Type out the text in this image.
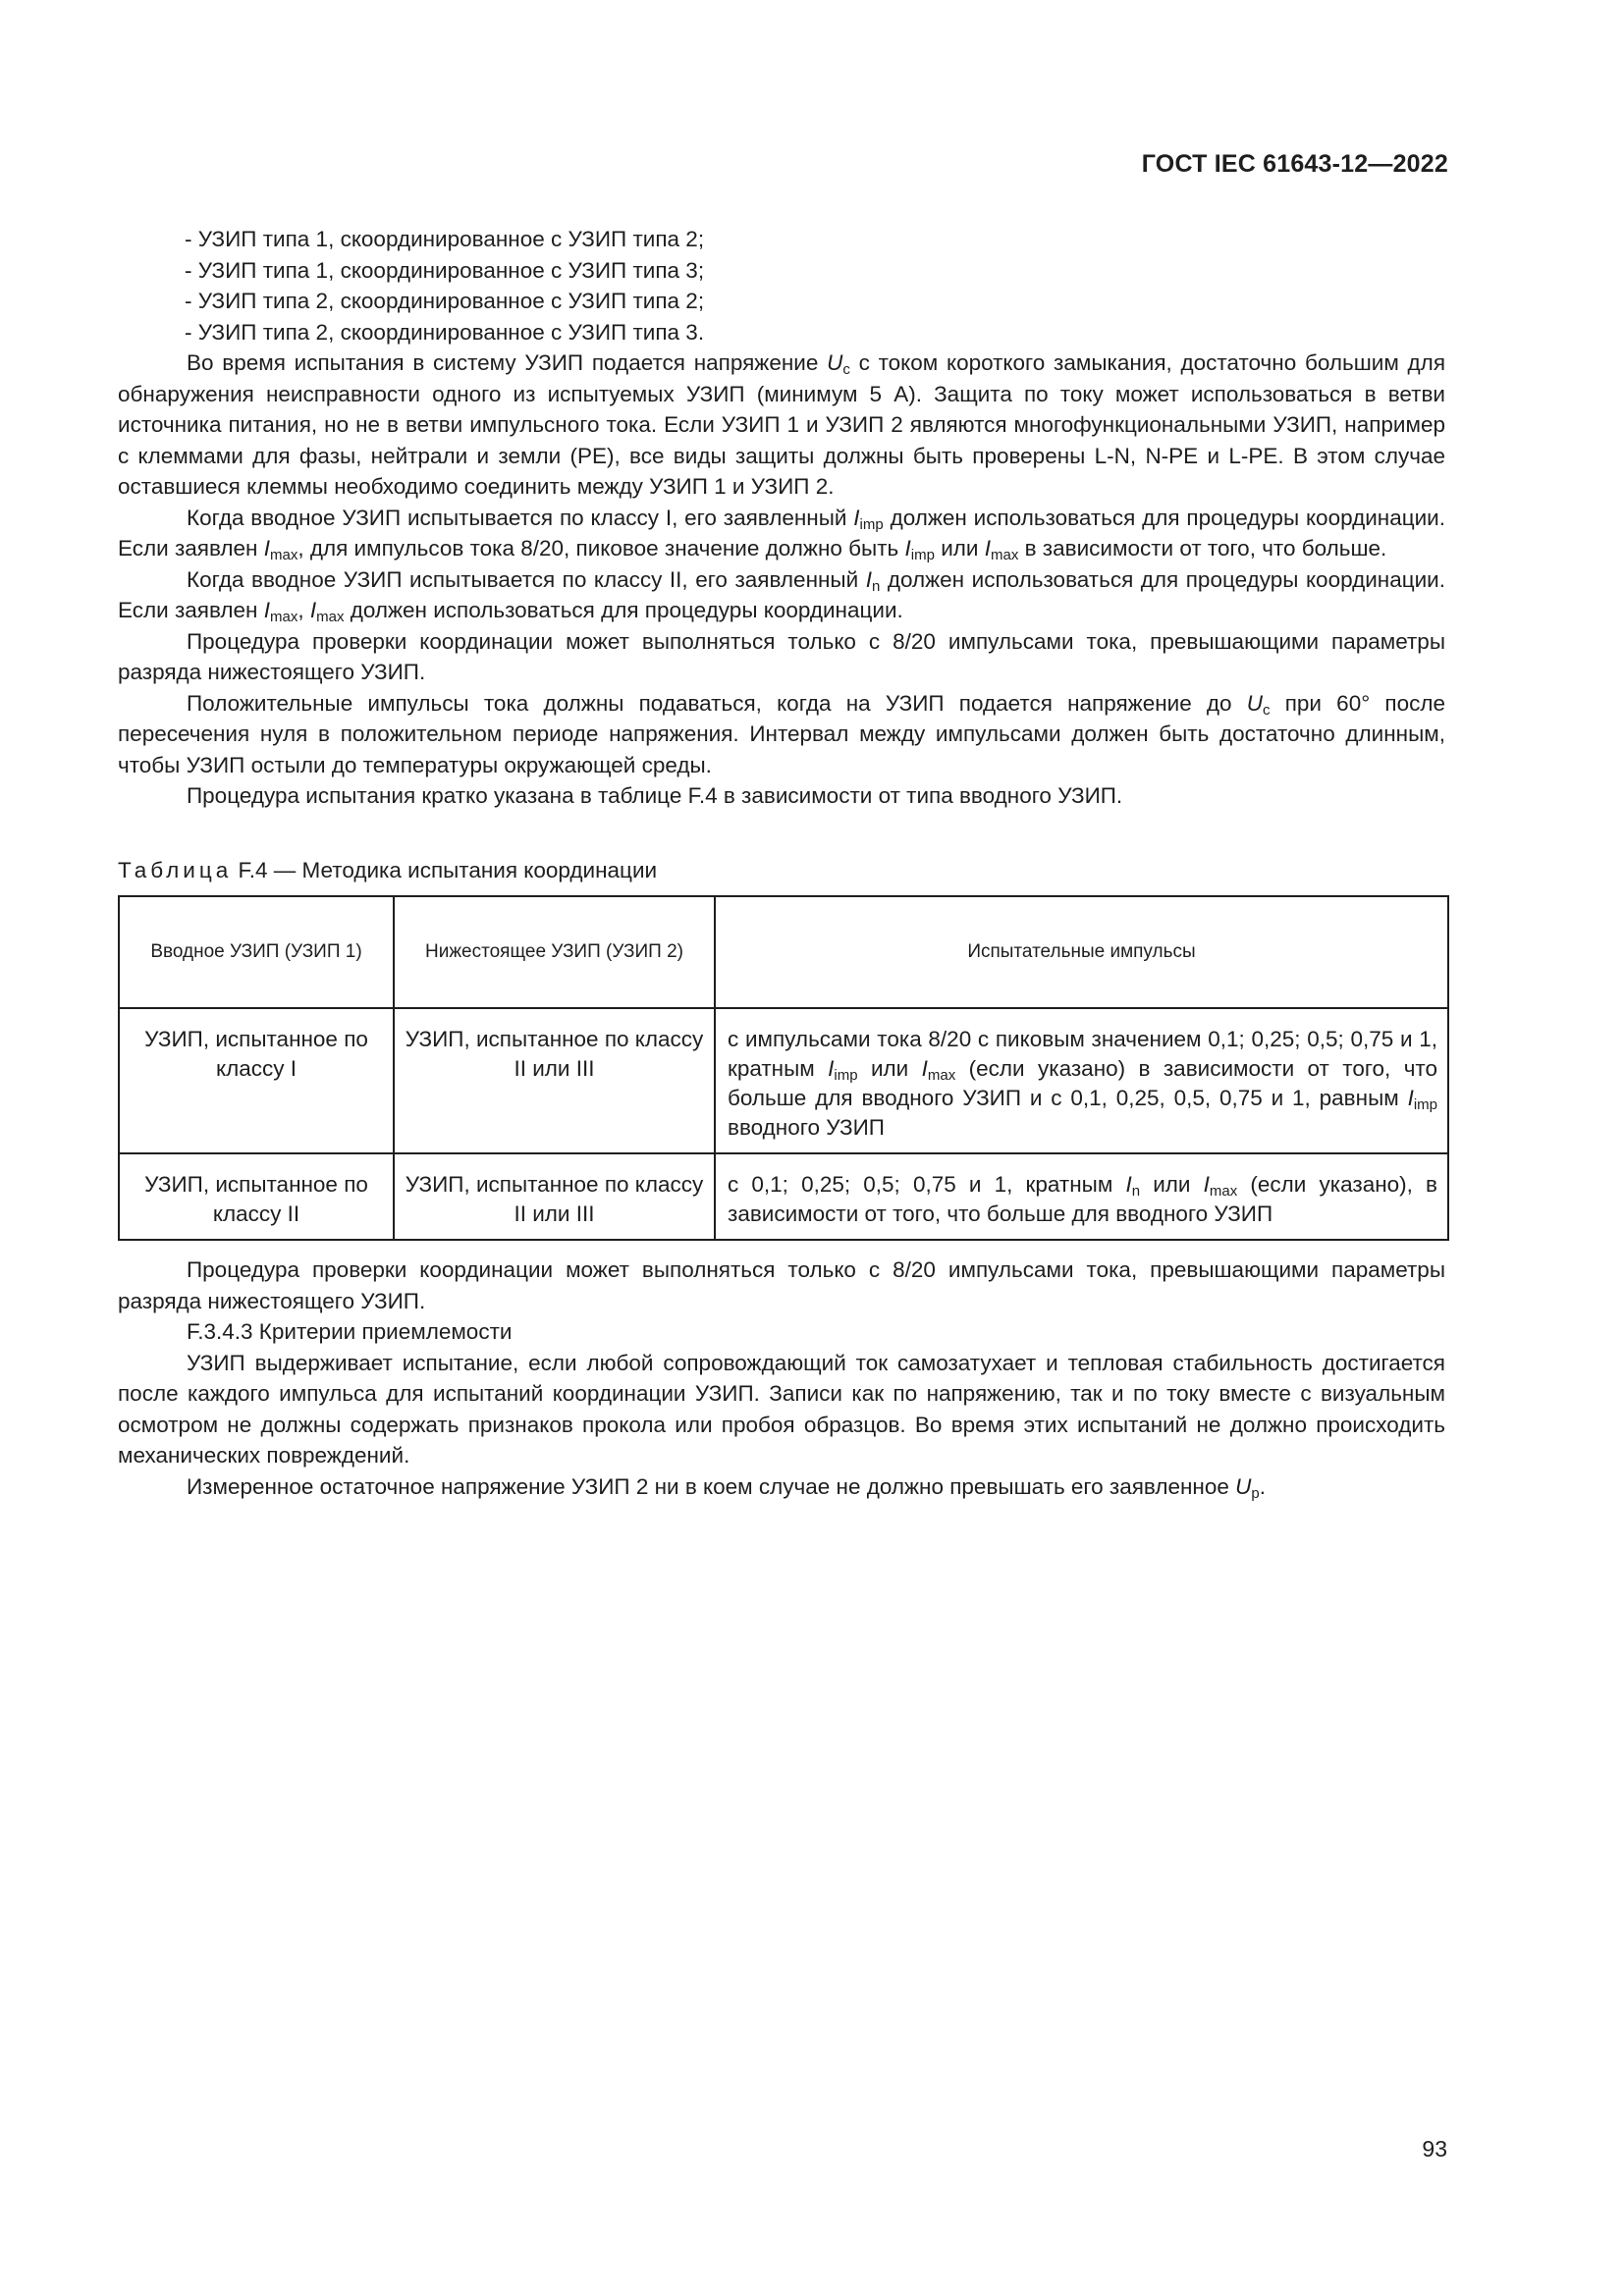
ГОСТ IEC 61643-12—2022

- УЗИП типа 1, скоординированное с УЗИП типа 2;

- УЗИП типа 1, скоординированное с УЗИП типа 3;

- УЗИП типа 2, скоординированное с УЗИП типа 2;

- УЗИП типа 2, скоординированное с УЗИП типа 3.

Во время испытания в систему УЗИП подается напряжение $U_c$ с током короткого замыкания, достаточно большим для обнаружения неисправности одного из испытуемых УЗИП (минимум 5 А). Защита по току может использоваться в ветви источника питания, но не в ветви импульсного тока. Если УЗИП 1 и УЗИП 2 являются многофункциональными УЗИП, например с клеммами для фазы, нейтрали и земли (PE), все виды защиты должны быть проверены L-N, N-PE и L-PE. В этом случае оставшиеся клеммы необходимо соединить между УЗИП 1 и УЗИП 2.

Когда вводное УЗИП испытывается по классу I, его заявленный $I_{imp}$ должен использоваться для процедуры координации. Если заявлен $I_{max}$, для импульсов тока 8/20, пиковое значение должно быть $I_{imp}$ или $I_{max}$ в зависимости от того, что больше.

Когда вводное УЗИП испытывается по классу II, его заявленный $I_n$ должен использоваться для процедуры координации. Если заявлен $I_{max}$, $I_{max}$ должен использоваться для процедуры координации.

Процедура проверки координации может выполняться только с 8/20 импульсами тока, превышающими параметры разряда нижестоящего УЗИП.

Положительные импульсы тока должны подаваться, когда на УЗИП подается напряжение до $U_c$ при 60° после пересечения нуля в положительном периоде напряжения. Интервал между импульсами должен быть достаточно длинным, чтобы УЗИП остыли до температуры окружающей среды.

Процедура испытания кратко указана в таблице F.4 в зависимости от типа вводного УЗИП.

Таблица F.4 — Методика испытания координации
Вводное УЗИП (УЗИП 1)	Нижестоящее УЗИП (УЗИП 2)	Испытательные импульсы
УЗИП, испытанное по классу I	УЗИП, испытанное по классу II или III	с импульсами тока 8/20 с пиковым значением 0,1; 0,25; 0,5; 0,75 и 1, кратным $I_{imp}$ или $I_{max}$ (если указано) в зависимости от того, что больше для вводного УЗИП и с 0,1, 0,25, 0,5, 0,75 и 1, равным $I_{imp}$ вводного УЗИП
УЗИП, испытанное по классу II	УЗИП, испытанное по классу II или III	с 0,1; 0,25; 0,5; 0,75 и 1, кратным $I_n$ или $I_{max}$ (если указано), в зависимости от того, что больше для вводного УЗИП

Процедура проверки координации может выполняться только с 8/20 импульсами тока, превышающими параметры разряда нижестоящего УЗИП.

F.3.4.3 Критерии приемлемости

УЗИП выдерживает испытание, если любой сопровождающий ток самозатухает и тепловая стабильность достигается после каждого импульса для испытаний координации УЗИП. Записи как по напряжению, так и по току вместе с визуальным осмотром не должны содержать признаков прокола или пробоя образцов. Во время этих испытаний не должно происходить механических повреждений.

Измеренное остаточное напряжение УЗИП 2 ни в коем случае не должно превышать его заявленное $U_p$.

93
